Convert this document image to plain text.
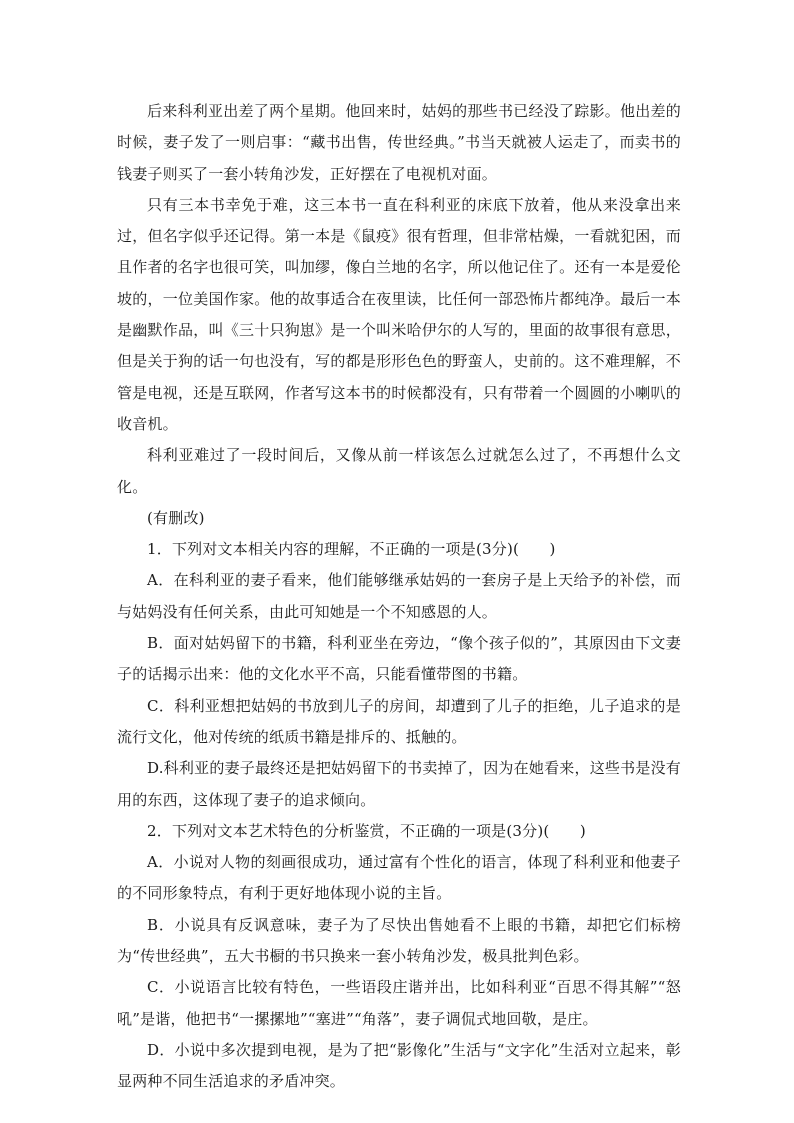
后来科利亚出差了两个星期。他回来时，姑妈的那些书已经没了踪影。他出差的时候，妻子发了一则启事：“藏书出售，传世经典。”书当天就被人运走了，而卖书的钱妻子则买了一套小转角沙发，正好摆在了电视机对面。

只有三本书幸免于难，这三本书一直在科利亚的床底下放着，他从来没拿出来过，但名字似乎还记得。第一本是《鼠疫》很有哲理，但非常枯燥，一看就犯困，而且作者的名字也很可笑，叫加缪，像白兰地的名字，所以他记住了。还有一本是爱伦坡的，一位美国作家。他的故事适合在夜里读，比任何一部恐怖片都纯净。最后一本是幽默作品，叫《三十只狗崽》是一个叫米哈伊尔的人写的，里面的故事很有意思，但是关于狗的话一句也没有，写的都是形形色色的野蛮人，史前的。这不难理解，不管是电视，还是互联网，作者写这本书的时候都没有，只有带着一个圆圆的小喇叭的收音机。

科利亚难过了一段时间后，又像从前一样该怎么过就怎么过了，不再想什么文化。

(有删改)

1．下列对文本相关内容的理解，不正确的一项是(3分)(　　)

A．在科利亚的妻子看来，他们能够继承姑妈的一套房子是上天给予的补偿，而与姑妈没有任何关系，由此可知她是一个不知感恩的人。

B．面对姑妈留下的书籍，科利亚坐在旁边，“像个孩子似的”，其原因由下文妻子的话揭示出来：他的文化水平不高，只能看懂带图的书籍。

C．科利亚想把姑妈的书放到儿子的房间，却遭到了儿子的拒绝，儿子追求的是流行文化，他对传统的纸质书籍是排斥的、抵触的。

D.科利亚的妻子最终还是把姑妈留下的书卖掉了，因为在她看来，这些书是没有用的东西，这体现了妻子的追求倾向。

2．下列对文本艺术特色的分析鉴赏，不正确的一项是(3分)(　　)

A．小说对人物的刻画很成功，通过富有个性化的语言，体现了科利亚和他妻子的不同形象特点，有利于更好地体现小说的主旨。

B．小说具有反讽意味，妻子为了尽快出售她看不上眼的书籍，却把它们标榜为“传世经典”，五大书橱的书只换来一套小转角沙发，极具批判色彩。

C．小说语言比较有特色，一些语段庄谐并出，比如科利亚“百思不得其解”“怒吼”是谐，他把书“一摞摞地”“塞进”“角落”，妻子调侃式地回敬，是庄。

D．小说中多次提到电视，是为了把“影像化”生活与“文字化”生活对立起来，彰显两种不同生活追求的矛盾冲突。
